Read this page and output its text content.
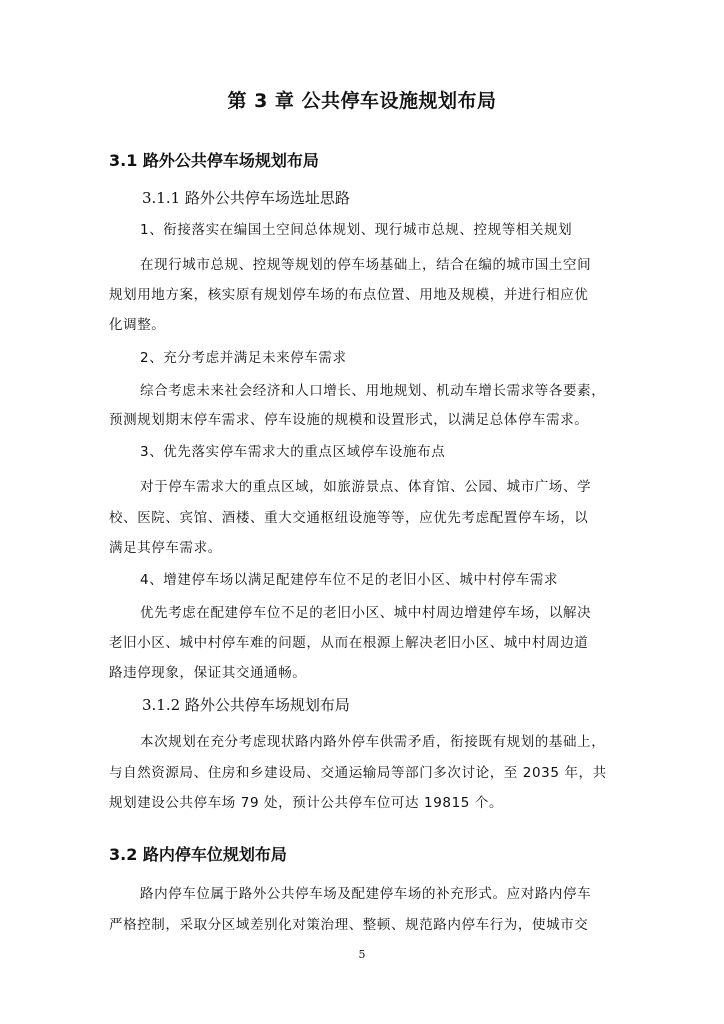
第 3 章 公共停车设施规划布局
3.1 路外公共停车场规划布局
3.1.1 路外公共停车场选址思路
1、衔接落实在编国土空间总体规划、现行城市总规、控规等相关规划
在现行城市总规、控规等规划的停车场基础上，结合在编的城市国土空间
规划用地方案，核实原有规划停车场的布点位置、用地及规模，并进行相应优
化调整。
2、充分考虑并满足未来停车需求
综合考虑未来社会经济和人口增长、用地规划、机动车增长需求等各要素，
预测规划期末停车需求、停车设施的规模和设置形式，以满足总体停车需求。
3、优先落实停车需求大的重点区域停车设施布点
对于停车需求大的重点区域，如旅游景点、体育馆、公园、城市广场、学
校、医院、宾馆、酒楼、重大交通枢纽设施等等，应优先考虑配置停车场，以
满足其停车需求。
4、增建停车场以满足配建停车位不足的老旧小区、城中村停车需求
优先考虑在配建停车位不足的老旧小区、城中村周边增建停车场，以解决
老旧小区、城中村停车难的问题，从而在根源上解决老旧小区、城中村周边道
路违停现象，保证其交通通畅。
3.1.2 路外公共停车场规划布局
本次规划在充分考虑现状路内路外停车供需矛盾，衔接既有规划的基础上，
与自然资源局、住房和乡建设局、交通运输局等部门多次讨论，至 2035 年，共
规划建设公共停车场 79 处，预计公共停车位可达 19815 个。
3.2 路内停车位规划布局
路内停车位属于路外公共停车场及配建停车场的补充形式。应对路内停车
严格控制，采取分区域差别化对策治理、整顿、规范路内停车行为，使城市交
5
